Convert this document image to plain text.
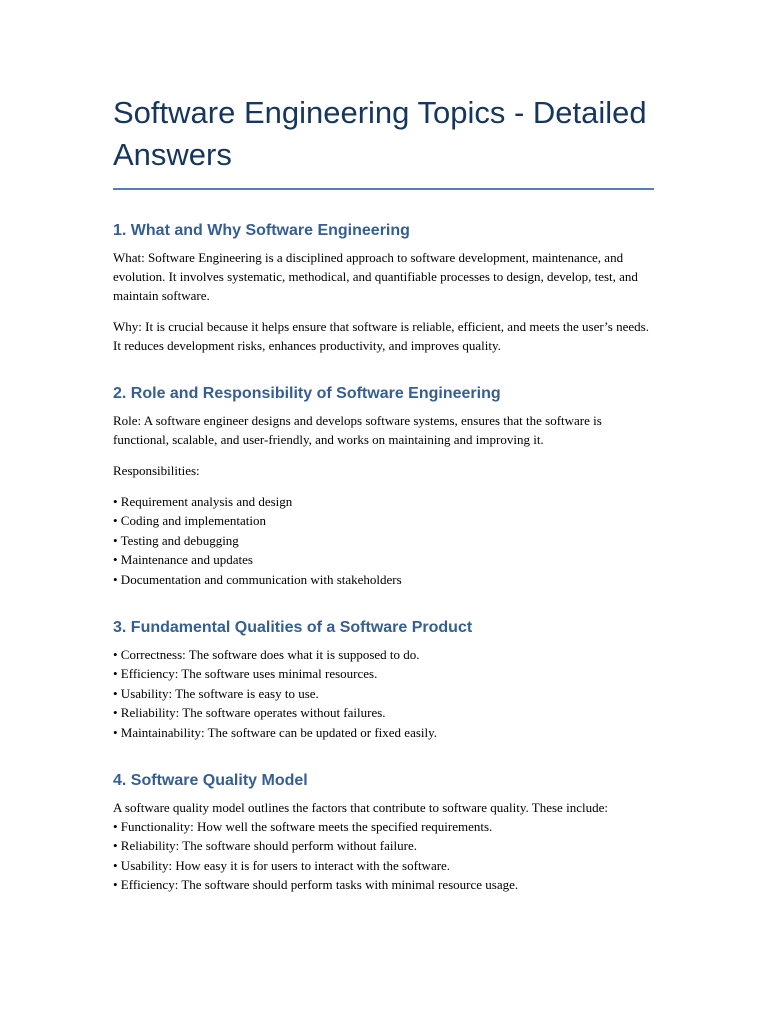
Software Engineering Topics - Detailed Answers
1. What and Why Software Engineering

What: Software Engineering is a disciplined approach to software development, maintenance, and evolution. It involves systematic, methodical, and quantifiable processes to design, develop, test, and maintain software.

Why: It is crucial because it helps ensure that software is reliable, efficient, and meets the user’s needs. It reduces development risks, enhances productivity, and improves quality.

2. Role and Responsibility of Software Engineering

Role: A software engineer designs and develops software systems, ensures that the software is functional, scalable, and user-friendly, and works on maintaining and improving it.

Responsibilities:

• Requirement analysis and design
• Coding and implementation
• Testing and debugging
• Maintenance and updates
• Documentation and communication with stakeholders
3. Fundamental Qualities of a Software Product
• Correctness: The software does what it is supposed to do.
• Efficiency: The software uses minimal resources.
• Usability: The software is easy to use.
• Reliability: The software operates without failures.
• Maintainability: The software can be updated or fixed easily.
4. Software Quality Model

A software quality model outlines the factors that contribute to software quality. These include:

• Functionality: How well the software meets the specified requirements.
• Reliability: The software should perform without failure.
• Usability: How easy it is for users to interact with the software.
• Efficiency: The software should perform tasks with minimal resource usage.
